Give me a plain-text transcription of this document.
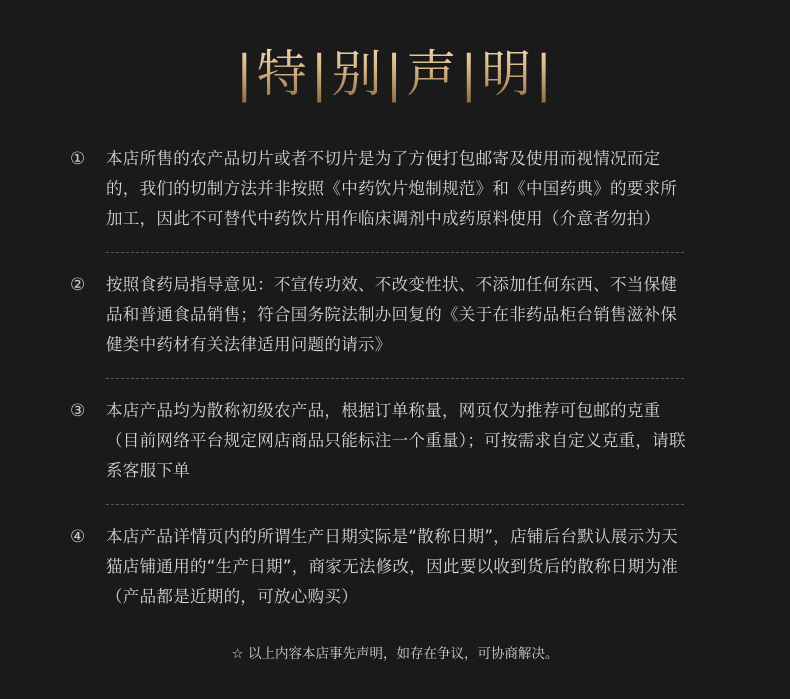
|特|别|声|明|
①	本店所售的农产品切片或者不切片是为了方便打包邮寄及使用而视情况而定的，我们的切制方法并非按照《中药饮片炮制规范》和《中国药典》的要求所加工，因此不可替代中药饮片用作临床调剂中成药原料使用（介意者勿拍）
②	按照食药局指导意见：不宣传功效、不改变性状、不添加任何东西、不当保健品和普通食品销售；符合国务院法制办回复的《关于在非药品柜台销售滋补保健类中药材有关法律适用问题的请示》
③	本店产品均为散称初级农产品，根据订单称量，网页仅为推荐可包邮的克重（目前网络平台规定网店商品只能标注一个重量）；可按需求自定义克重，请联系客服下单
④	本店产品详情页内的所谓生产日期实际是“散称日期”，店铺后台默认展示为天猫店铺通用的“生产日期”，商家无法修改，因此要以收到货后的散称日期为准（产品都是近期的，可放心购买）
☆ 以上内容本店事先声明，如存在争议，可协商解决。
